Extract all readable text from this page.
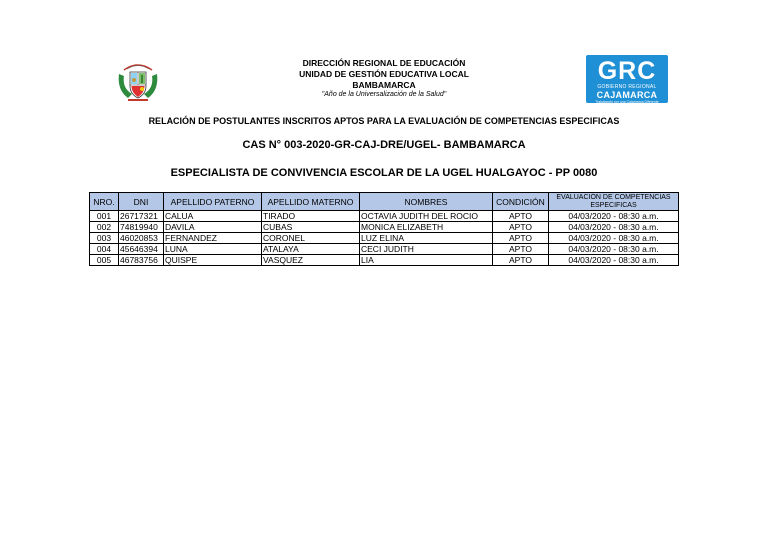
GRC
GOBIERNO REGIONAL
CAJAMARCA
Trabajando por una Cajamarca Diferente
DIRECCIÓN REGIONAL DE EDUCACIÓN
UNIDAD DE GESTIÓN EDUCATIVA LOCAL
BAMBAMARCA
"Año de la Universalización de la Salud"
RELACIÓN DE POSTULANTES INSCRITOS APTOS PARA LA EVALUACIÓN DE COMPETENCIAS ESPECIFICAS
CAS N° 003-2020-GR-CAJ-DRE/UGEL- BAMBAMARCA
ESPECIALISTA DE CONVIVENCIA ESCOLAR DE LA UGEL HUALGAYOC - PP 0080
NRO.	DNI	APELLIDO PATERNO	APELLIDO MATERNO	NOMBRES	CONDICIÓN	EVALUACIÓN DE COMPETENCIAS ESPECIFICAS
001	26717321	CALUA	TIRADO	OCTAVIA JUDITH DEL ROCIO	APTO	04/03/2020 - 08:30 a.m.
002	74819940	DAVILA	CUBAS	MONICA ELIZABETH	APTO	04/03/2020 - 08:30 a.m.
003	46020853	FERNANDEZ	CORONEL	LUZ ELINA	APTO	04/03/2020 - 08:30 a.m.
004	45646394	LUNA	ATALAYA	CECI JUDITH	APTO	04/03/2020 - 08:30 a.m.
005	46783756	QUISPE	VASQUEZ	LIA	APTO	04/03/2020 - 08:30 a.m.
